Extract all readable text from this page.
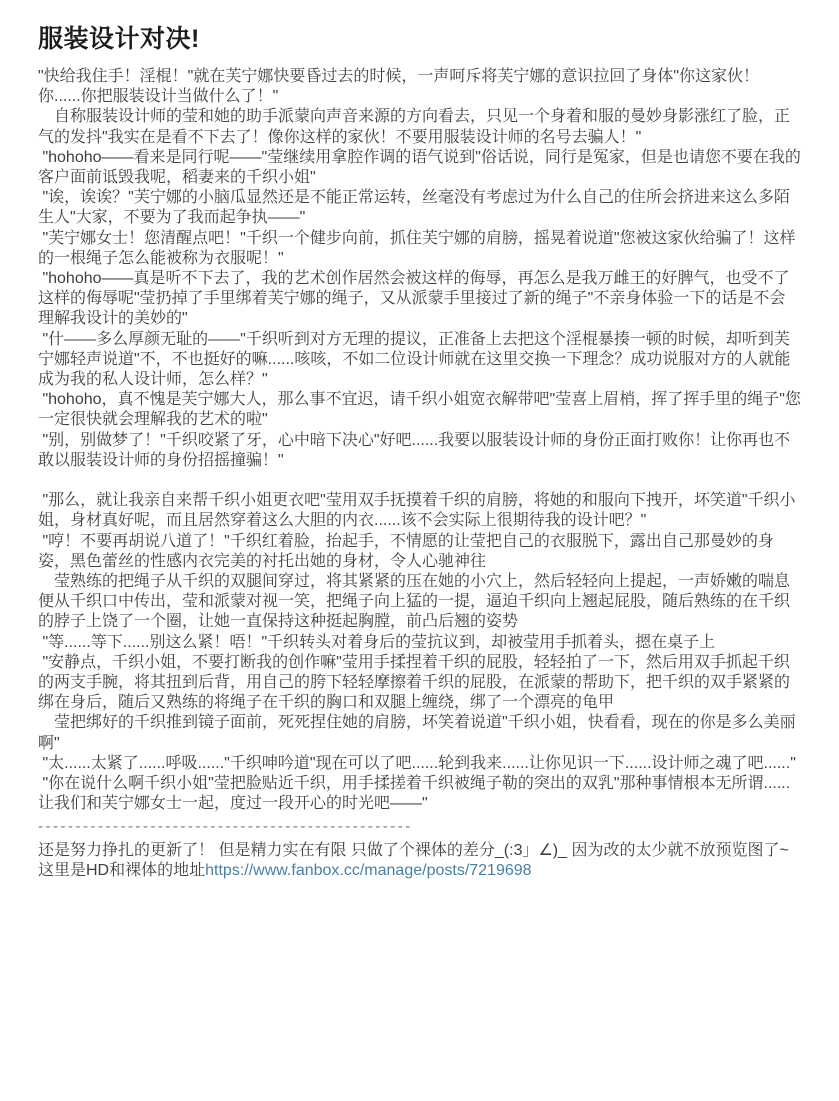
服装设计对决!

"快给我住手！淫棍！"就在芙宁娜快要昏过去的时候，一声呵斥将芙宁娜的意识拉回了身体"你这家伙！你......你把服装设计当做什么了！"

　自称服装设计师的莹和她的助手派蒙向声音来源的方向看去，只见一个身着和服的曼妙身影涨红了脸，正气的发抖"我实在是看不下去了！像你这样的家伙！不要用服装设计师的名号去骗人！"

"hohoho——看来是同行呢——"莹继续用拿腔作调的语气说到"俗话说，同行是冤家，但是也请您不要在我的客户面前诋毁我呢，稻妻来的千织小姐"

"诶，诶诶？"芙宁娜的小脑瓜显然还是不能正常运转，丝毫没有考虑过为什么自己的住所会挤进来这么多陌生人"大家，不要为了我而起争执——"

"芙宁娜女士！您清醒点吧！"千织一个健步向前，抓住芙宁娜的肩膀，摇晃着说道"您被这家伙给骗了！这样的一根绳子怎么能被称为衣服呢！"

"hohoho——真是听不下去了，我的艺术创作居然会被这样的侮辱，再怎么是我万雌王的好脾气，也受不了这样的侮辱呢"莹扔掉了手里绑着芙宁娜的绳子，又从派蒙手里接过了新的绳子"不亲身体验一下的话是不会理解我设计的美妙的"

"什——多么厚颜无耻的——"千织听到对方无理的提议，正准备上去把这个淫棍暴揍一顿的时候，却听到芙宁娜轻声说道"不，不也挺好的嘛......咳咳，不如二位设计师就在这里交换一下理念？成功说服对方的人就能成为我的私人设计师，怎么样？"

"hohoho，真不愧是芙宁娜大人，那么事不宜迟，请千织小姐宽衣解带吧"莹喜上眉梢，挥了挥手里的绳子"您一定很快就会理解我的艺术的啦"

"别，别做梦了！"千织咬紧了牙，心中暗下决心"好吧......我要以服装设计师的身份正面打败你！让你再也不敢以服装设计师的身份招摇撞骗！"

"那么，就让我亲自来帮千织小姐更衣吧"莹用双手抚摸着千织的肩膀，将她的和服向下拽开，坏笑道"千织小姐，身材真好呢，而且居然穿着这么大胆的内衣......该不会实际上很期待我的设计吧？"

"哼！不要再胡说八道了！"千织红着脸，抬起手，不情愿的让莹把自己的衣服脱下，露出自己那曼妙的身姿，黑色蕾丝的性感内衣完美的衬托出她的身材，令人心驰神往

　莹熟练的把绳子从千织的双腿间穿过，将其紧紧的压在她的小穴上，然后轻轻向上提起，一声娇嫩的喘息便从千织口中传出，莹和派蒙对视一笑，把绳子向上猛的一提，逼迫千织向上翘起屁股，随后熟练的在千织的脖子上饶了一个圈，让她一直保持这种挺起胸膛，前凸后翘的姿势

"等......等下......别这么紧！唔！"千织转头对着身后的莹抗议到，却被莹用手抓着头，摁在桌子上

"安静点，千织小姐，不要打断我的创作嘛"莹用手揉捏着千织的屁股，轻轻拍了一下，然后用双手抓起千织的两支手腕，将其扭到后背，用自己的胯下轻轻摩擦着千织的屁股，在派蒙的帮助下，把千织的双手紧紧的绑在身后，随后又熟练的将绳子在千织的胸口和双腿上缠绕，绑了一个漂亮的龟甲

　莹把绑好的千织推到镜子面前，死死捏住她的肩膀，坏笑着说道"千织小姐，快看看，现在的你是多么美丽啊"

"太......太紧了......呼吸......"千织呻吟道"现在可以了吧......轮到我来......让你见识一下......设计师之魂了吧......"

"你在说什么啊千织小姐"莹把脸贴近千织，用手揉搓着千织被绳子勒的突出的双乳"那种事情根本无所谓......让我们和芙宁娜女士一起，度过一段开心的时光吧——"

--------------------------------------------------

还是努力挣扎的更新了！ 但是精力实在有限 只做了个裸体的差分_(:3」∠)_ 因为改的太少就不放预览图了~

这里是HD和裸体的地址https://www.fanbox.cc/manage/posts/7219698
